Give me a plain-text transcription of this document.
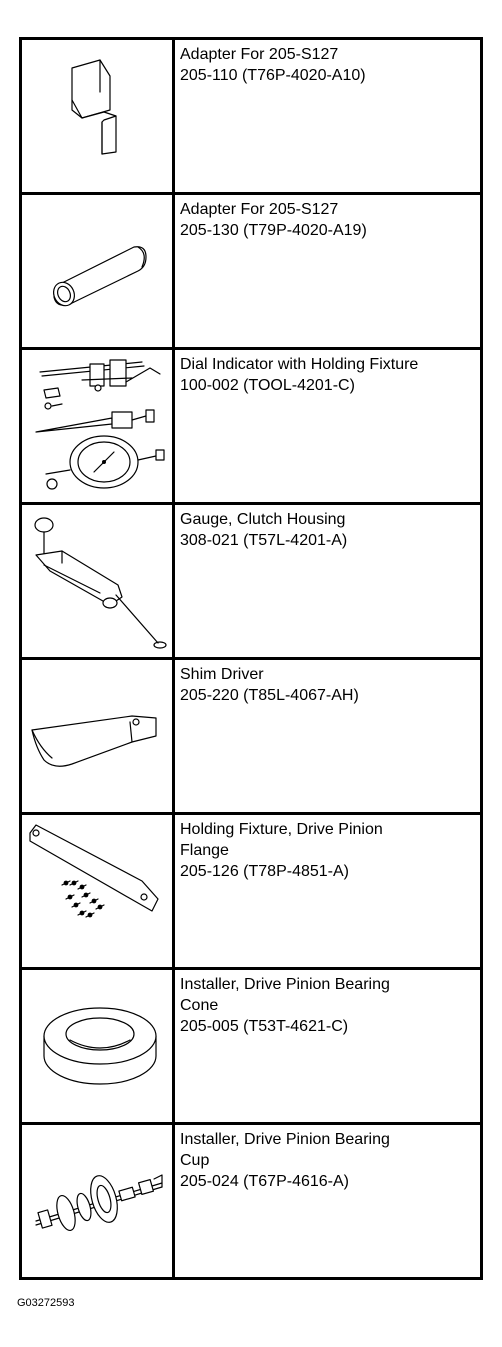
Adapter For 205-S127
205-110 (T76P-4020-A10)

Adapter For 205-S127
205-130 (T79P-4020-A19)

Dial Indicator with Holding Fixture
100-002 (TOOL-4201-C)

Gauge, Clutch Housing
308-021 (T57L-4201-A)

Shim Driver
205-220 (T85L-4067-AH)

Holding Fixture, Drive Pinion
Flange
205-126 (T78P-4851-A)

Installer, Drive Pinion Bearing
Cone
205-005 (T53T-4621-C)

Installer, Drive Pinion Bearing
Cup
205-024 (T67P-4616-A)
G03272593
